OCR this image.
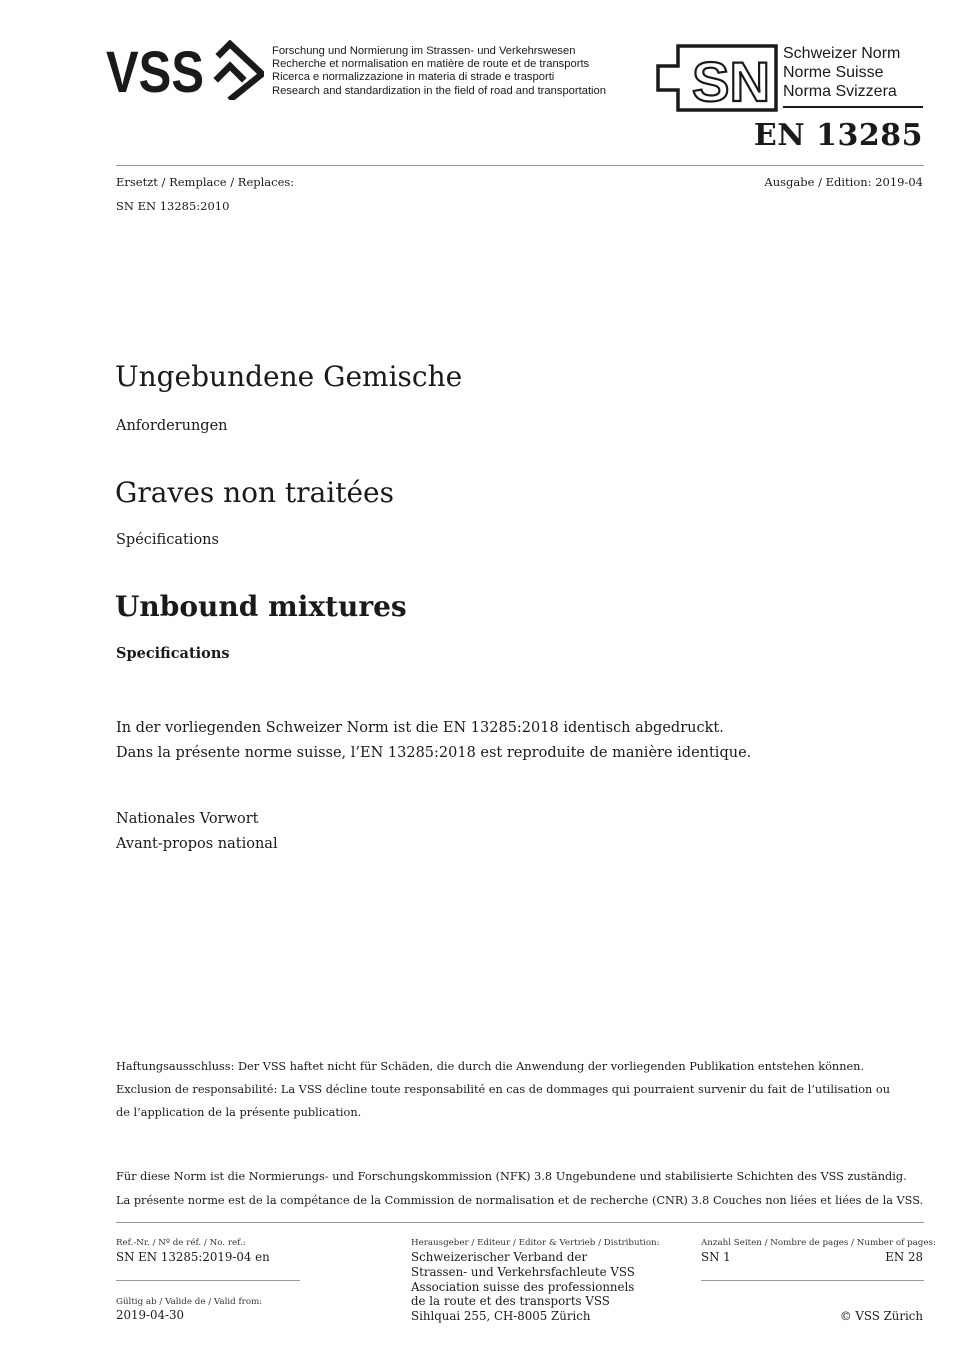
VSS	Forschung und Normierung im Strassen- und Verkehrswesen
Recherche et normalisation en matière de route et de transports
Ricerca e normalizzazione in materia di strade e trasporti
Research and standardization in the field of road and transportation SN Schweizer Norm
Norme Suisse
Norma Svizzera
EN 13285
Ersetzt / Remplace / Replaces:
SN EN 13285:2010
Ausgabe / Edition: 2019-04
Ungebundene Gemische
Anforderungen
Graves non traitées
Spécifications
Unbound mixtures
Specifications
In der vorliegenden Schweizer Norm ist die EN 13285:2018 identisch abgedruckt.
Dans la présente norme suisse, l’EN 13285:2018 est reproduite de manière identique.
Nationales Vorwort
Avant-propos national
Haftungsausschluss: Der VSS haftet nicht für Schäden, die durch die Anwendung der vorliegenden Publikation entstehen können.
Exclusion de responsabilité: La VSS décline toute responsabilité en cas de dommages qui pourraient survenir du fait de l’utilisation ou
de l’application de la présente publication.
Für diese Norm ist die Normierungs- und Forschungskommission (NFK) 3.8 Ungebundene und stabilisierte Schichten des VSS zuständig.
La présente norme est de la compétance de la Commission de normalisation et de recherche (CNR) 3.8 Couches non liées et liées de la VSS.
Ref.-Nr. / Nº de réf. / No. ref.:
SN EN 13285:2019-04 en
Gültig ab / Valide de / Valid from:
2019-04-30
Herausgeber / Editeur / Editor & Vertrieb / Distribution:
Schweizerischer Verband der
Strassen- und Verkehrsfachleute VSS
Association suisse des professionnels
de la route et des transports VSS
Sihlquai 255, CH-8005 Zürich
Anzahl Seiten / Nombre de pages / Number of pages:
SN 1	EN 28
© VSS Zürich
